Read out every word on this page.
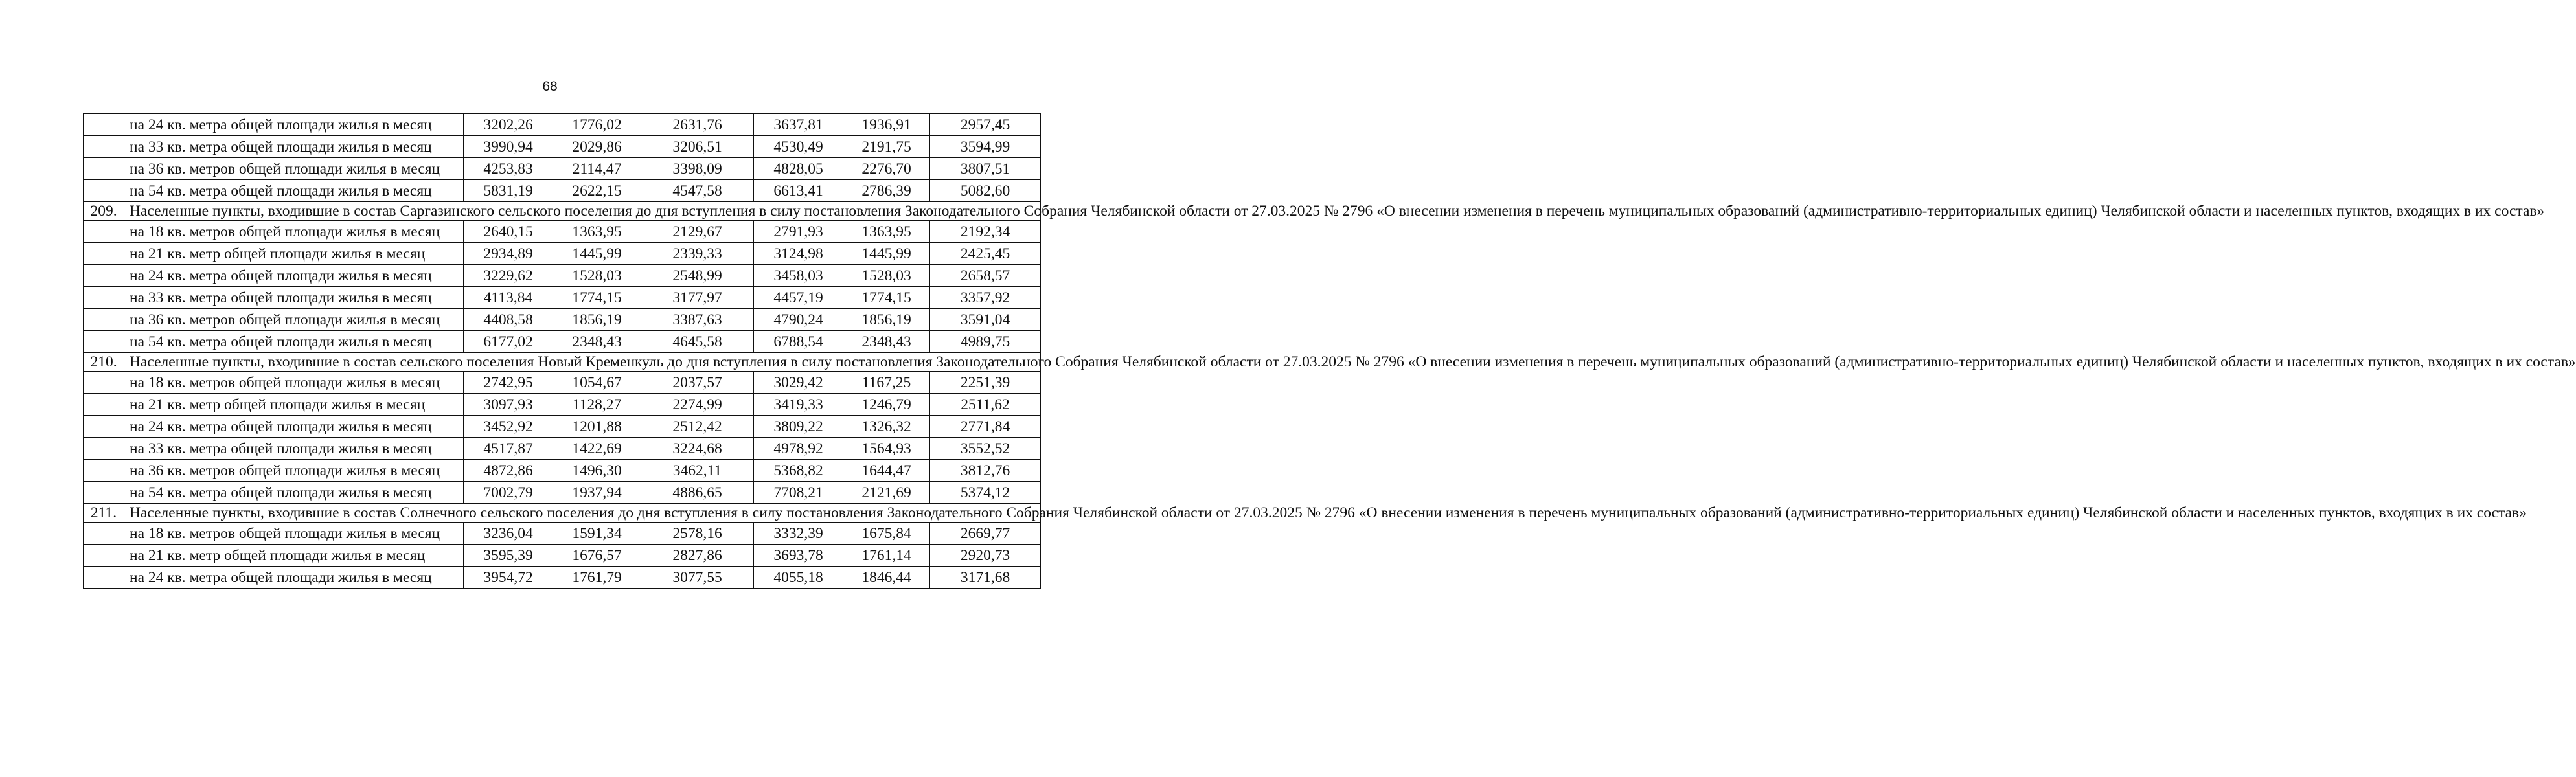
68
	на 24 кв. метра общей площади жилья в месяц	3202,26	1776,02	2631,76	3637,81	1936,91	2957,45
	на 33 кв. метра общей площади жилья в месяц	3990,94	2029,86	3206,51	4530,49	2191,75	3594,99
	на 36 кв. метров общей площади жилья в месяц	4253,83	2114,47	3398,09	4828,05	2276,70	3807,51
	на 54 кв. метра общей площади жилья в месяц	5831,19	2622,15	4547,58	6613,41	2786,39	5082,60
209.	Населенные пункты, входившие в состав Саргазинского сельского поселения до дня вступления в силу постановления Законодательного Собрания Челябинской области от 27.03.2025 № 2796 «О внесении изменения в перечень муниципальных образований (административно-территориальных единиц) Челябинской области и населенных пунктов, входящих в их состав»						
	на 18 кв. метров общей площади жилья в месяц	2640,15	1363,95	2129,67	2791,93	1363,95	2192,34
	на 21 кв. метр общей площади жилья в месяц	2934,89	1445,99	2339,33	3124,98	1445,99	2425,45
	на 24 кв. метра общей площади жилья в месяц	3229,62	1528,03	2548,99	3458,03	1528,03	2658,57
	на 33 кв. метра общей площади жилья в месяц	4113,84	1774,15	3177,97	4457,19	1774,15	3357,92
	на 36 кв. метров общей площади жилья в месяц	4408,58	1856,19	3387,63	4790,24	1856,19	3591,04
	на 54 кв. метра общей площади жилья в месяц	6177,02	2348,43	4645,58	6788,54	2348,43	4989,75
210.	Населенные пункты, входившие в состав сельского поселения Новый Кременкуль до дня вступления в силу постановления Законодательного Собрания Челябинской области от 27.03.2025 № 2796 «О внесении изменения в перечень муниципальных образований (административно-территориальных единиц) Челябинской области и населенных пунктов, входящих в их состав»						
	на 18 кв. метров общей площади жилья в месяц	2742,95	1054,67	2037,57	3029,42	1167,25	2251,39
	на 21 кв. метр общей площади жилья в месяц	3097,93	1128,27	2274,99	3419,33	1246,79	2511,62
	на 24 кв. метра общей площади жилья в месяц	3452,92	1201,88	2512,42	3809,22	1326,32	2771,84
	на 33 кв. метра общей площади жилья в месяц	4517,87	1422,69	3224,68	4978,92	1564,93	3552,52
	на 36 кв. метров общей площади жилья в месяц	4872,86	1496,30	3462,11	5368,82	1644,47	3812,76
	на 54 кв. метра общей площади жилья в месяц	7002,79	1937,94	4886,65	7708,21	2121,69	5374,12
211.	Населенные пункты, входившие в состав Солнечного сельского поселения до дня вступления в силу постановления Законодательного Собрания Челябинской области от 27.03.2025 № 2796 «О внесении изменения в перечень муниципальных образований (административно-территориальных единиц) Челябинской области и населенных пунктов, входящих в их состав»						
	на 18 кв. метров общей площади жилья в месяц	3236,04	1591,34	2578,16	3332,39	1675,84	2669,77
	на 21 кв. метр общей площади жилья в месяц	3595,39	1676,57	2827,86	3693,78	1761,14	2920,73
	на 24 кв. метра общей площади жилья в месяц	3954,72	1761,79	3077,55	4055,18	1846,44	3171,68
